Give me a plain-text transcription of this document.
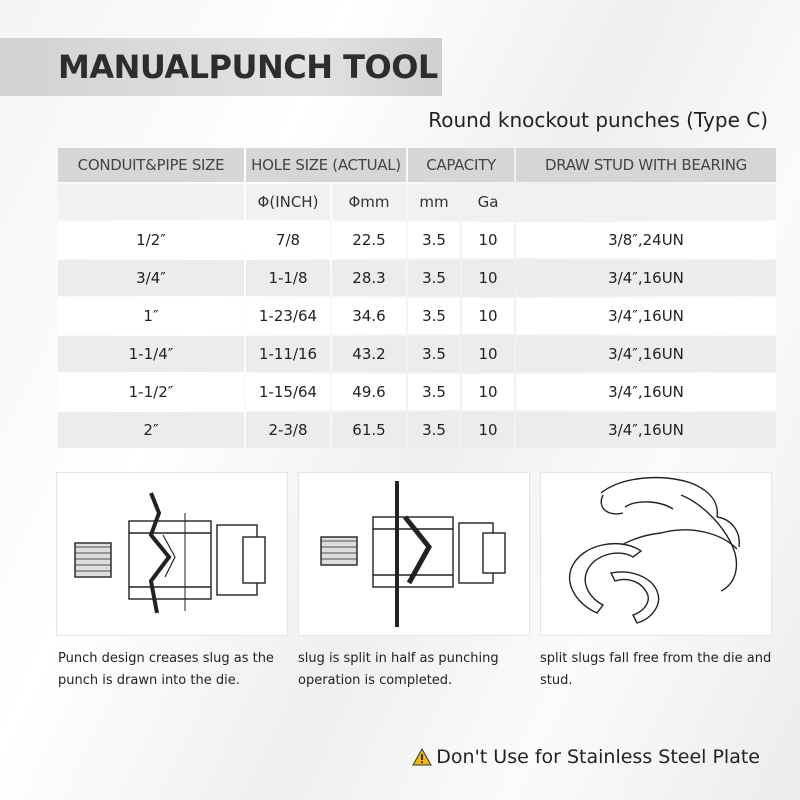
MANUALPUNCH TOOL
Round knockout punches (Type C)
CONDUIT&PIPE SIZE	HOLE SIZE (ACTUAL)		CAPACITY		DRAW STUD WITH BEARING
	Φ(INCH)	Φmm	mm	Ga	
1/2″	7/8	22.5	3.5	10	3/8″,24UN
3/4″	1-1/8	28.3	3.5	10	3/4″,16UN
1″	1-23/64	34.6	3.5	10	3/4″,16UN
1-1/4″	1-11/16	43.2	3.5	10	3/4″,16UN
1-1/2″	1-15/64	49.6	3.5	10	3/4″,16UN
2″	2-3/8	61.5	3.5	10	3/4″,16UN
Punch design creases slug as the punch is drawn into the die.
slug is split in half as punching operation is completed.
split slugs fall free from the die and stud.
Don't Use for Stainless Steel Plate
